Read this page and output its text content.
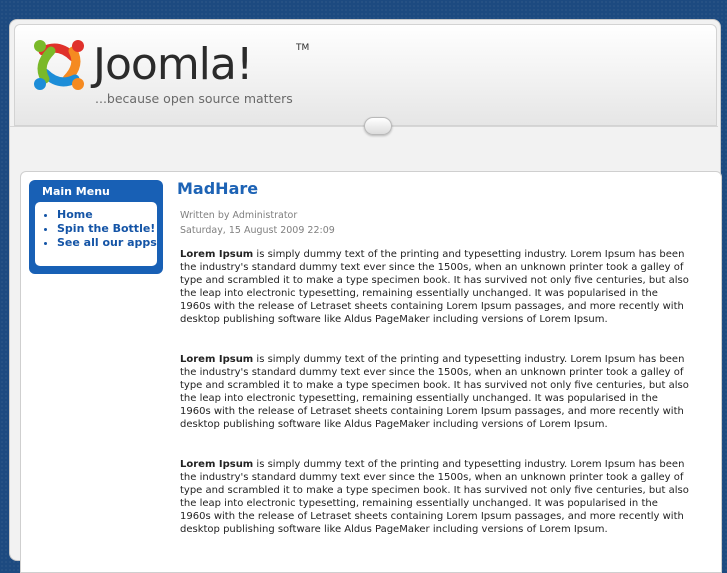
Joomla!	TM
...because open source matters
Main Menu
• Home
• Spin the Bottle!
• See all our apps
MadHare
Written by Administrator
Saturday, 15 August 2009 22:09
Lorem Ipsum is simply dummy text of the printing and typesetting industry. Lorem Ipsum has been the industry's standard dummy text ever since the 1500s, when an unknown printer took a galley of type and scrambled it to make a type specimen book. It has survived not only five centuries, but also the leap into electronic typesetting, remaining essentially unchanged. It was popularised in the 1960s with the release of Letraset sheets containing Lorem Ipsum passages, and more recently with desktop publishing software like Aldus PageMaker including versions of Lorem Ipsum.
Lorem Ipsum is simply dummy text of the printing and typesetting industry. Lorem Ipsum has been the industry's standard dummy text ever since the 1500s, when an unknown printer took a galley of type and scrambled it to make a type specimen book. It has survived not only five centuries, but also the leap into electronic typesetting, remaining essentially unchanged. It was popularised in the 1960s with the release of Letraset sheets containing Lorem Ipsum passages, and more recently with desktop publishing software like Aldus PageMaker including versions of Lorem Ipsum.
Lorem Ipsum is simply dummy text of the printing and typesetting industry. Lorem Ipsum has been the industry's standard dummy text ever since the 1500s, when an unknown printer took a galley of type and scrambled it to make a type specimen book. It has survived not only five centuries, but also the leap into electronic typesetting, remaining essentially unchanged. It was popularised in the 1960s with the release of Letraset sheets containing Lorem Ipsum passages, and more recently with desktop publishing software like Aldus PageMaker including versions of Lorem Ipsum.
